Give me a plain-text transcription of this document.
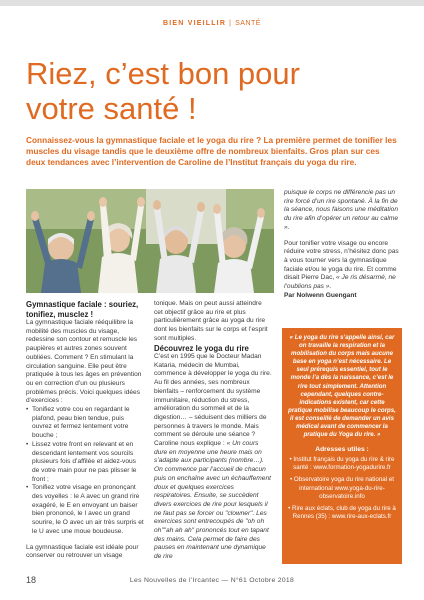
BIEN VIEILLIR | SANTÉ
Riez, c’est bon pour votre santé !

Connaissez-vous la gymnastique faciale et le yoga du rire ? La première permet de tonifier les muscles du visage tandis que le deuxième offre de nombreux bienfaits. Gros plan sur ces deux tendances avec l’intervention de Caroline de l’Institut français du yoga du rire.

Gymnastique faciale : souriez, tonifiez, musclez !

La gymnastique faciale rééquilibre la mobilité des muscles du visage, redessine son contour et remuscle les paupières et autres zones souvent oubliées. Comment ? En stimulant la circulation sanguine. Elle peut être pratiquée à tous les âges en prévention ou en correction d’un ou plusieurs problèmes précis. Voici quelques idées d’exercices :

• Tonifiez votre cou en regardant le plafond, peau bien tendue, puis ouvrez et fermez lentement votre bouche ;
• Lissez votre front en relevant et en descendant lentement vos sourcils plusieurs fois d’affilée et aidez-vous de votre main pour ne pas plisser le front ;
• Tonifiez votre visage en prononçant des voyelles : le A avec un grand rire exagéré, le E en envoyant un baiser bien prononcé, le I avec un grand sourire, le O avec un air très surpris et le U avec une moue boudeuse.

La gymnastique faciale est idéale pour conserver ou retrouver un visage

tonique. Mais on peut aussi atteindre cet objectif grâce au rire et plus particulièrement grâce au yoga du rire dont les bienfaits sur le corps et l’esprit sont multiples.

Découvrez le yoga du rire

C’est en 1995 que le Docteur Madan Kataria, médecin de Mumbai, commence à développer le yoga du rire. Au fil des années, ses nombreux bienfaits – renforcement du système immunitaire, réduction du stress, amélioration du sommeil et de la digestion… – séduisent des milliers de personnes à travers le monde. Mais comment se déroule une séance ? Caroline nous explique : « Un cours dure en moyenne une heure mais on s’adapte aux participants (nombre…). On commence par l’accueil de chacun puis on enchaîne avec un échauffement doux et quelques exercices respiratoires. Ensuite, se succèdent divers exercices de rire pour lesquels il ne faut pas se forcer ou "clowner". Les exercices sont entrecoupés de "oh oh oh""ah ah ah" prononcés tout en tapant des mains. Cela permet de faire des pauses en maintenant une dynamique de rire

puisque le corps ne différencie pas un rire forcé d’un rire spontané. À la fin de la séance, nous faisons une méditation du rire afin d’opérer un retour au calme ».

Pour tonifier votre visage ou encore réduire votre stress, n’hésitez donc pas à vous tourner vers la gymnastique faciale et/ou le yoga du rire. Et comme disait Pierre Dac, « Je ris désarmé, ne l’oublions pas ».

Par Nolwenn Guengant

« Le yoga du rire s’appelle ainsi, car on travaille la respiration et la mobilisation du corps mais aucune base en yoga n’est nécessaire. Le seul prérequis essentiel, tout le monde l’a dès la naissance, c’est le rire tout simplement. Attention cependant, quelques contre-indications existent, car cette pratique mobilise beaucoup le corps, il est conseillé de demander un avis médical avant de commencer la pratique du Yoga du rire. »
Adresses utiles :
• Institut français du yoga du rire & rire santé : www.formation-yogadurire.fr
• Observatoire yoga du rire national et international www.yoga-du-rire-observatoire.info
• Rire aux éclats, club de yoga du rire à Rennes (35) : www.rire-aux-eclats.fr
18	Les Nouvelles de l’Ircantec — N°61 Octobre 2018
